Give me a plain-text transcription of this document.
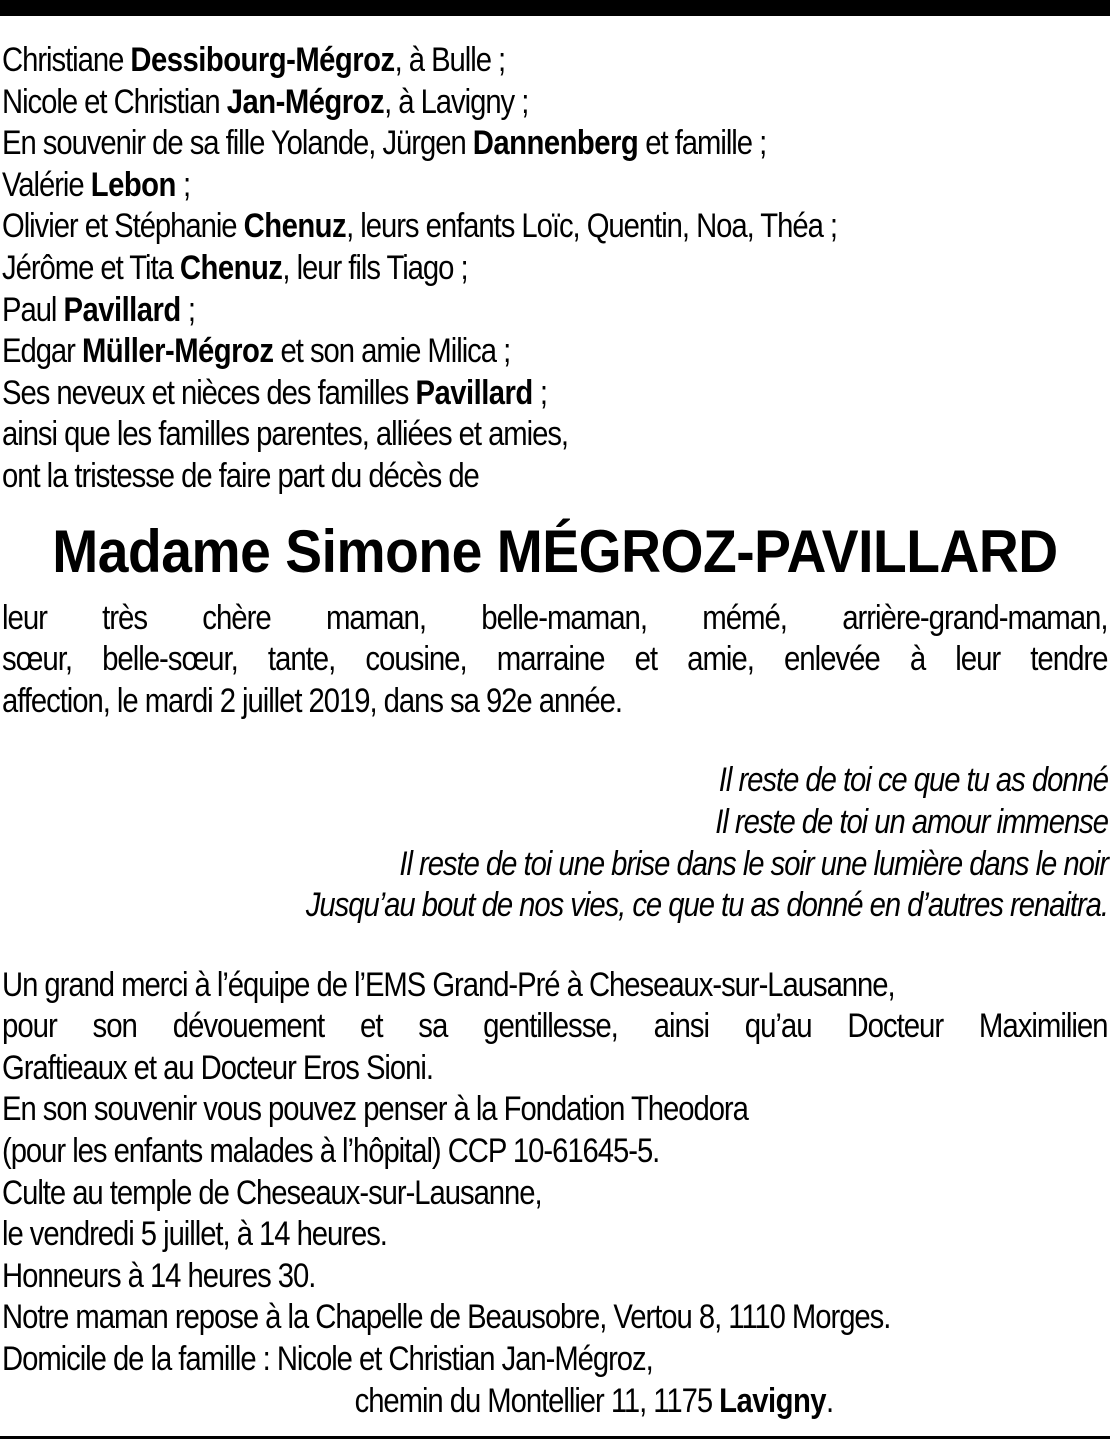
Christiane Dessibourg-Mégroz, à Bulle ;
Nicole et Christian Jan-Mégroz, à Lavigny ;
En souvenir de sa fille Yolande, Jürgen Dannenberg et famille ;
Valérie Lebon ;
Olivier et Stéphanie Chenuz, leurs enfants Loïc, Quentin, Noa, Théa ;
Jérôme et Tita Chenuz, leur fils Tiago ;
Paul Pavillard ;
Edgar Müller-Mégroz et son amie Milica ;
Ses neveux et nièces des familles Pavillard ;
ainsi que les familles parentes, alliées et amies,
ont la tristesse de faire part du décès de
Madame Simone MÉGROZ-PAVILLARD
leur très chère maman, belle-maman, mémé, arrière-grand-maman,
sœur, belle-sœur, tante, cousine, marraine et amie, enlevée à leur tendre
affection, le mardi 2 juillet 2019, dans sa 92e année.
Il reste de toi ce que tu as donné
Il reste de toi un amour immense
Il reste de toi une brise dans le soir une lumière dans le noir
Jusqu’au bout de nos vies, ce que tu as donné en d’autres renaitra.
Un grand merci à l’équipe de l’EMS Grand-Pré à Cheseaux-sur-Lausanne,
pour son dévouement et sa gentillesse, ainsi qu’au Docteur Maximilien
Graftieaux et au Docteur Eros Sioni.
En son souvenir vous pouvez penser à la Fondation Theodora
(pour les enfants malades à l’hôpital) CCP 10-61645-5.
Culte au temple de Cheseaux-sur-Lausanne,
le vendredi 5 juillet, à 14 heures.
Honneurs à 14 heures 30.
Notre maman repose à la Chapelle de Beausobre, Vertou 8, 1110 Morges.
Domicile de la famille : Nicole et Christian Jan-Mégroz,
chemin du Montellier 11, 1175 Lavigny.
